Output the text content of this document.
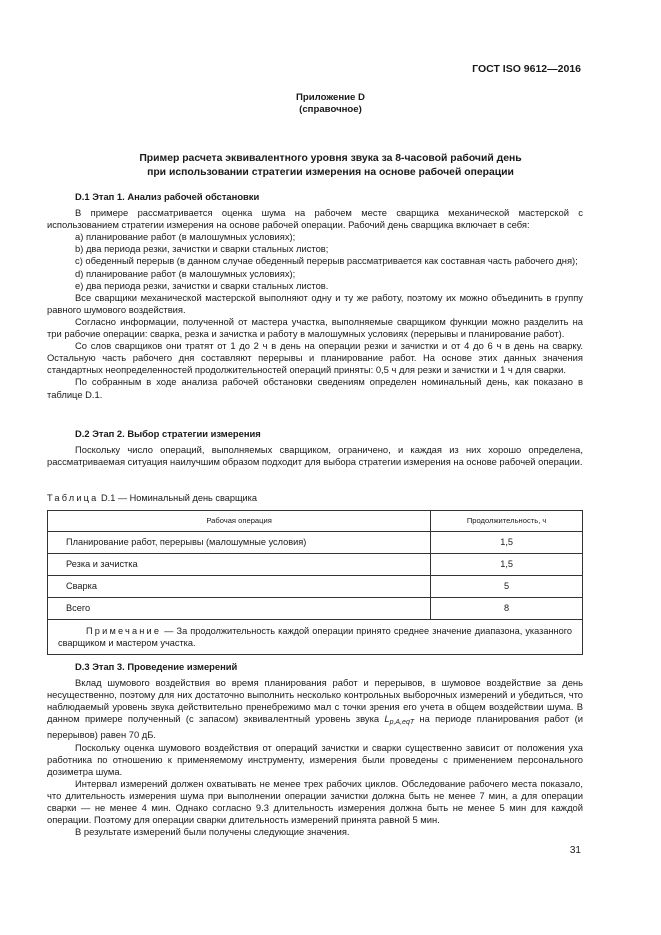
ГОСТ ISO 9612—2016
Приложение D
(справочное)
Пример расчета эквивалентного уровня звука за 8-часовой рабочий день
при использовании стратегии измерения на основе рабочей операции
D.1 Этап 1. Анализ рабочей обстановки

В примере рассматривается оценка шума на рабочем месте сварщика механической мастерской с использованием стратегии измерения на основе рабочей операции. Рабочий день сварщика включает в себя:

а) планирование работ (в малошумных условиях);

b) два периода резки, зачистки и сварки стальных листов;

с) обеденный перерыв (в данном случае обеденный перерыв рассматривается как составная часть рабочего дня);

d) планирование работ (в малошумных условиях);

е) два периода резки, зачистки и сварки стальных листов.

Все сварщики механической мастерской выполняют одну и ту же работу, поэтому их можно объединить в группу равного шумового воздействия.

Согласно информации, полученной от мастера участка, выполняемые сварщиком функции можно разделить на три рабочие операции: сварка, резка и зачистка и работу в малошумных условиях (перерывы и планирование работ).

Со слов сварщиков они тратят от 1 до 2 ч в день на операции резки и зачистки и от 4 до 6 ч в день на сварку. Остальную часть рабочего дня составляют перерывы и планирование работ. На основе этих данных значения стандартных неопределенностей продолжительностей операций приняты: 0,5 ч для резки и зачистки и 1 ч для сварки.

По собранным в ходе анализа рабочей обстановки сведениям определен номинальный день, как показано в таблице D.1.

D.2 Этап 2. Выбор стратегии измерения

Поскольку число операций, выполняемых сварщиком, ограничено, и каждая из них хорошо определена, рассматриваемая ситуация наилучшим образом подходит для выбора стратегии измерения на основе рабочей операции.

Таблица D.1 — Номинальный день сварщика
Рабочая операция	Продолжительность, ч
Планирование работ, перерывы (малошумные условия)	1,5
Резка и зачистка	1,5
Сварка	5
Всего	8
Примечание — За продолжительность каждой операции принято среднее значение диапазона, указанного сварщиком и мастером участка.	
D.3 Этап 3. Проведение измерений

Вклад шумового воздействия во время планирования работ и перерывов, в шумовое воздействие за день несущественно, поэтому для них достаточно выполнить несколько контрольных выборочных измерений и убедиться, что наблюдаемый уровень звука действительно пренебрежимо мал с точки зрения его учета в общем воздействии шума. В данном примере полученный (с запасом) эквивалентный уровень звука $L_{p,A,eqT}$ на периоде планирования работ (и перерывов) равен 70 дБ.

Поскольку оценка шумового воздействия от операций зачистки и сварки существенно зависит от положения уха работника по отношению к применяемому инструменту, измерения были проведены с применением персонального дозиметра шума.

Интервал измерений должен охватывать не менее трех рабочих циклов. Обследование рабочего места показало, что длительность измерения шума при выполнении операции зачистки должна быть не менее 7 мин, а для операции сварки — не менее 4 мин. Однако согласно 9.3 длительность измерения должна быть не менее 5 мин для каждой операции. Поэтому для операции сварки длительность измерений принята равной 5 мин.

В результате измерений были получены следующие значения.

31
